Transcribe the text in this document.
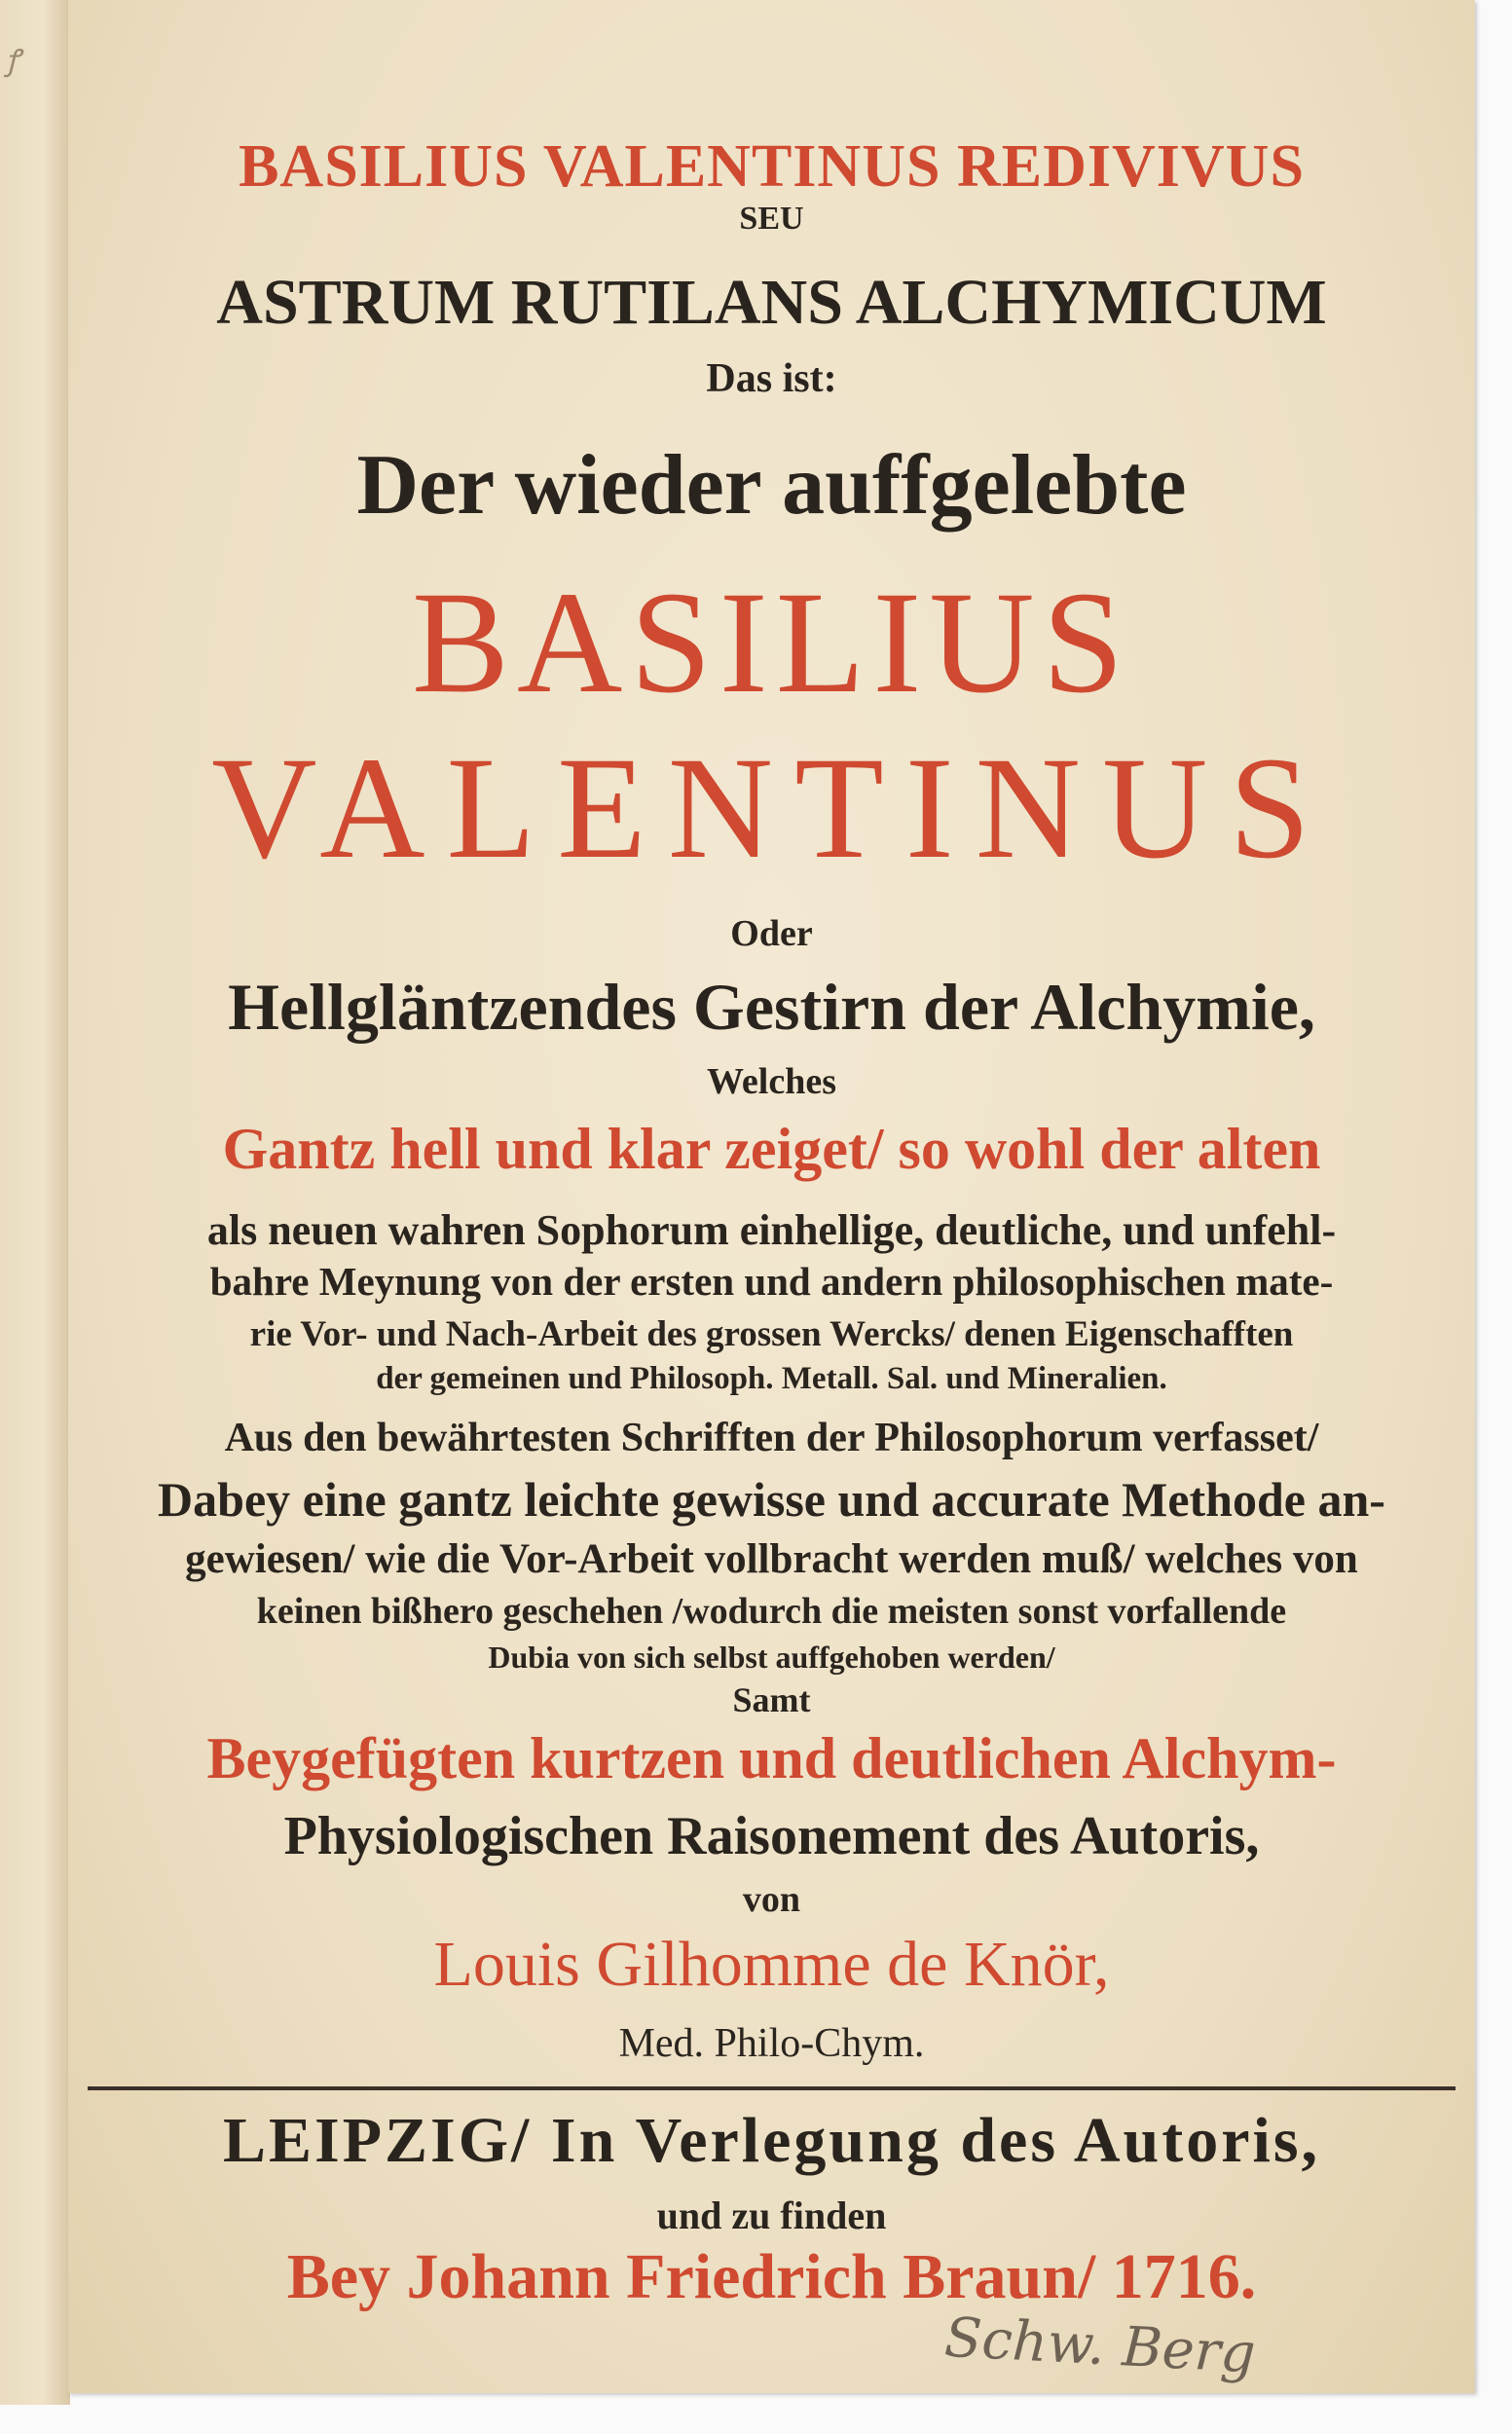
ꝭ
BASILIUS VALENTINUS REDIVIVUS
SEU
ASTRUM RUTILANS ALCHYMICUM
Das ist:
Der wieder auffgelebte
BASILIUS
VALENTINUS
Oder
Hellgläntzendes Gestirn der Alchymie,
Welches
Gantz hell und klar zeiget/ so wohl der alten
als neuen wahren Sophorum einhellige, deutliche, und unfehl-
bahre Meynung von der ersten und andern philosophischen mate-
rie Vor- und Nach-Arbeit des grossen Wercks/ denen Eigenschafften
der gemeinen und Philosoph. Metall. Sal. und Mineralien.
Aus den bewährtesten Schrifften der Philosophorum verfasset/
Dabey eine gantz leichte gewisse und accurate Methode an-
gewiesen/ wie die Vor-Arbeit vollbracht werden muß/ welches von
keinen bißhero geschehen /wodurch die meisten sonst vorfallende
Dubia von sich selbst auffgehoben werden/
Samt
Beygefügten kurtzen und deutlichen Alchym-
Physiologischen Raisonement des Autoris,
von
Louis Gilhomme de Knör,
Med. Philo-Chym.
LEIPZIG/ In Verlegung des Autoris,
und zu finden
Bey Johann Friedrich Braun/ 1716.
Schw. Berg
